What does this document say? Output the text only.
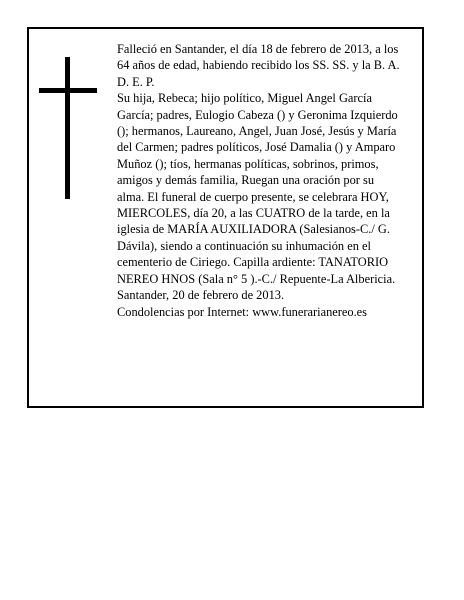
Falleció en Santander, el día 18 de febrero de 2013, a los 64 años de edad, habiendo recibido los SS. SS. y la B. A.

D. E. P.

Su hija, Rebeca; hijo político, Miguel Angel García García; padres, Eulogio Cabeza () y Geronima Izquierdo (); hermanos, Laureano, Angel, Juan José, Jesús y María del Carmen; padres políticos, José Damalia () y Amparo Muñoz (); tíos, hermanas políticas, sobrinos, primos, amigos y demás familia, Ruegan una oración por su alma. El funeral de cuerpo presente, se celebrara HOY, MIERCOLES, día 20, a las CUATRO de la tarde, en la iglesia de MARÍA AUXILIADORA (Salesianos-C./ G. Dávila), siendo a continuación su inhumación en el cementerio de Ciriego. Capilla ardiente: TANATORIO NEREO HNOS (Sala n° 5 ).-C./ Repuente-La Albericia.

Santander, 20 de febrero de 2013.

Condolencias por Internet: www.funerarianereo.es
